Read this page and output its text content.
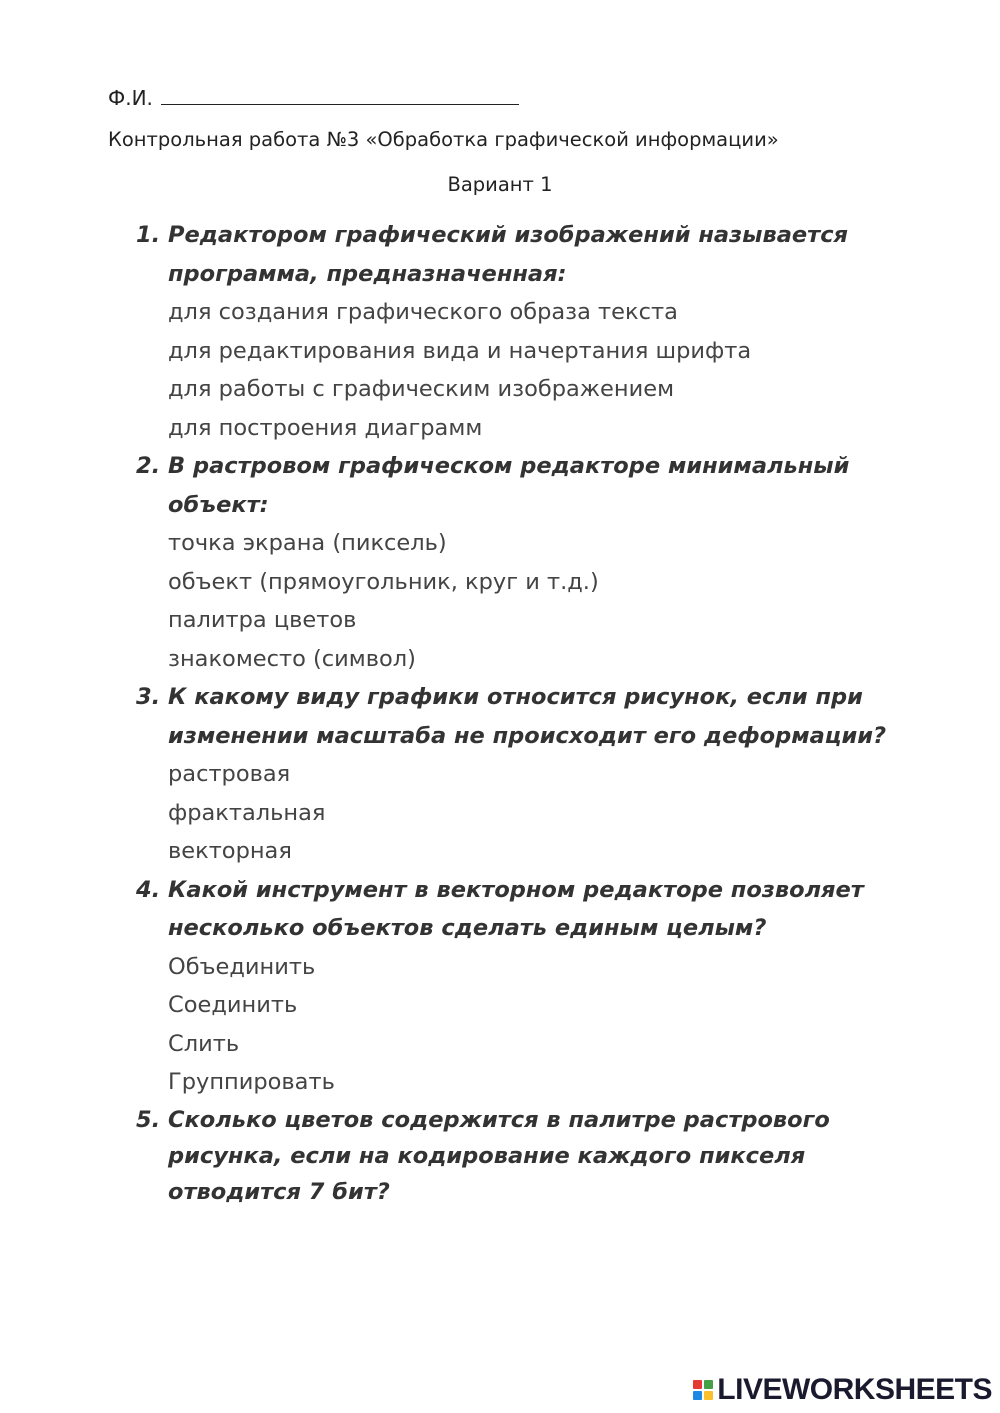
Ф.И.
Контрольная работа №3 «Обработка графической информации»
Вариант 1
1. Редактором графический изображений называется программа, предназначенная:
для создания графического образа текста
для редактирования вида и начертания шрифта
для работы с графическим изображением
для построения диаграмм
2. В растровом графическом редакторе минимальный объект:
точка экрана (пиксель)
объект (прямоугольник, круг и т.д.)
палитра цветов
знакоместо (символ)
3. К какому виду графики относится рисунок, если при изменении масштаба не происходит его деформации?
растровая
фрактальная
векторная
4. Какой инструмент в векторном редакторе позволяет несколько объектов сделать единым целым?
Объединить
Соединить
Слить
Группировать
5. Сколько цветов содержится в палитре растрового рисунка, если на кодирование каждого пикселя отводится 7 бит?
LIVEWORKSHEETS
